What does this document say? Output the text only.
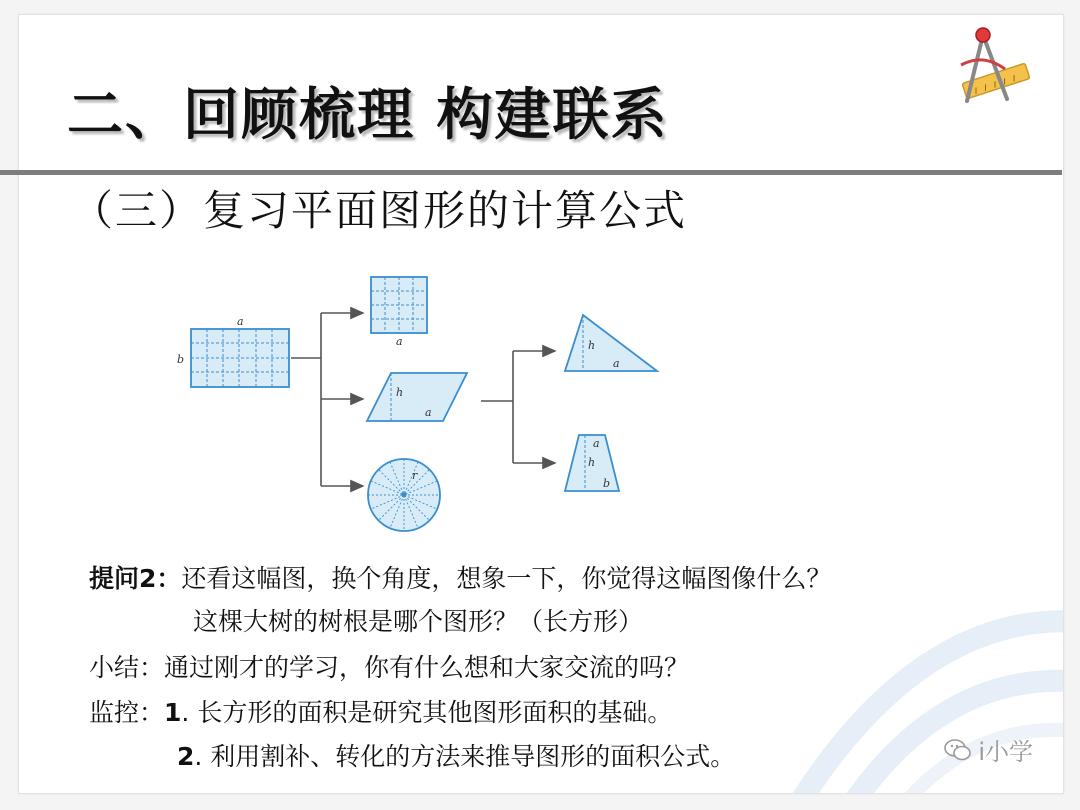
二、回顾梳理 构建联系
（三）复习平面图形的计算公式
a
b
a
h
a
r
h
a
a
h
b
提问2：还看这幅图，换个角度，想象一下，你觉得这幅图像什么？
这棵大树的树根是哪个图形？（长方形）
小结：通过刚才的学习，你有什么想和大家交流的吗？
监控：1. 长方形的面积是研究其他图形面积的基础。
2. 利用割补、转化的方法来推导图形的面积公式。	i小学
